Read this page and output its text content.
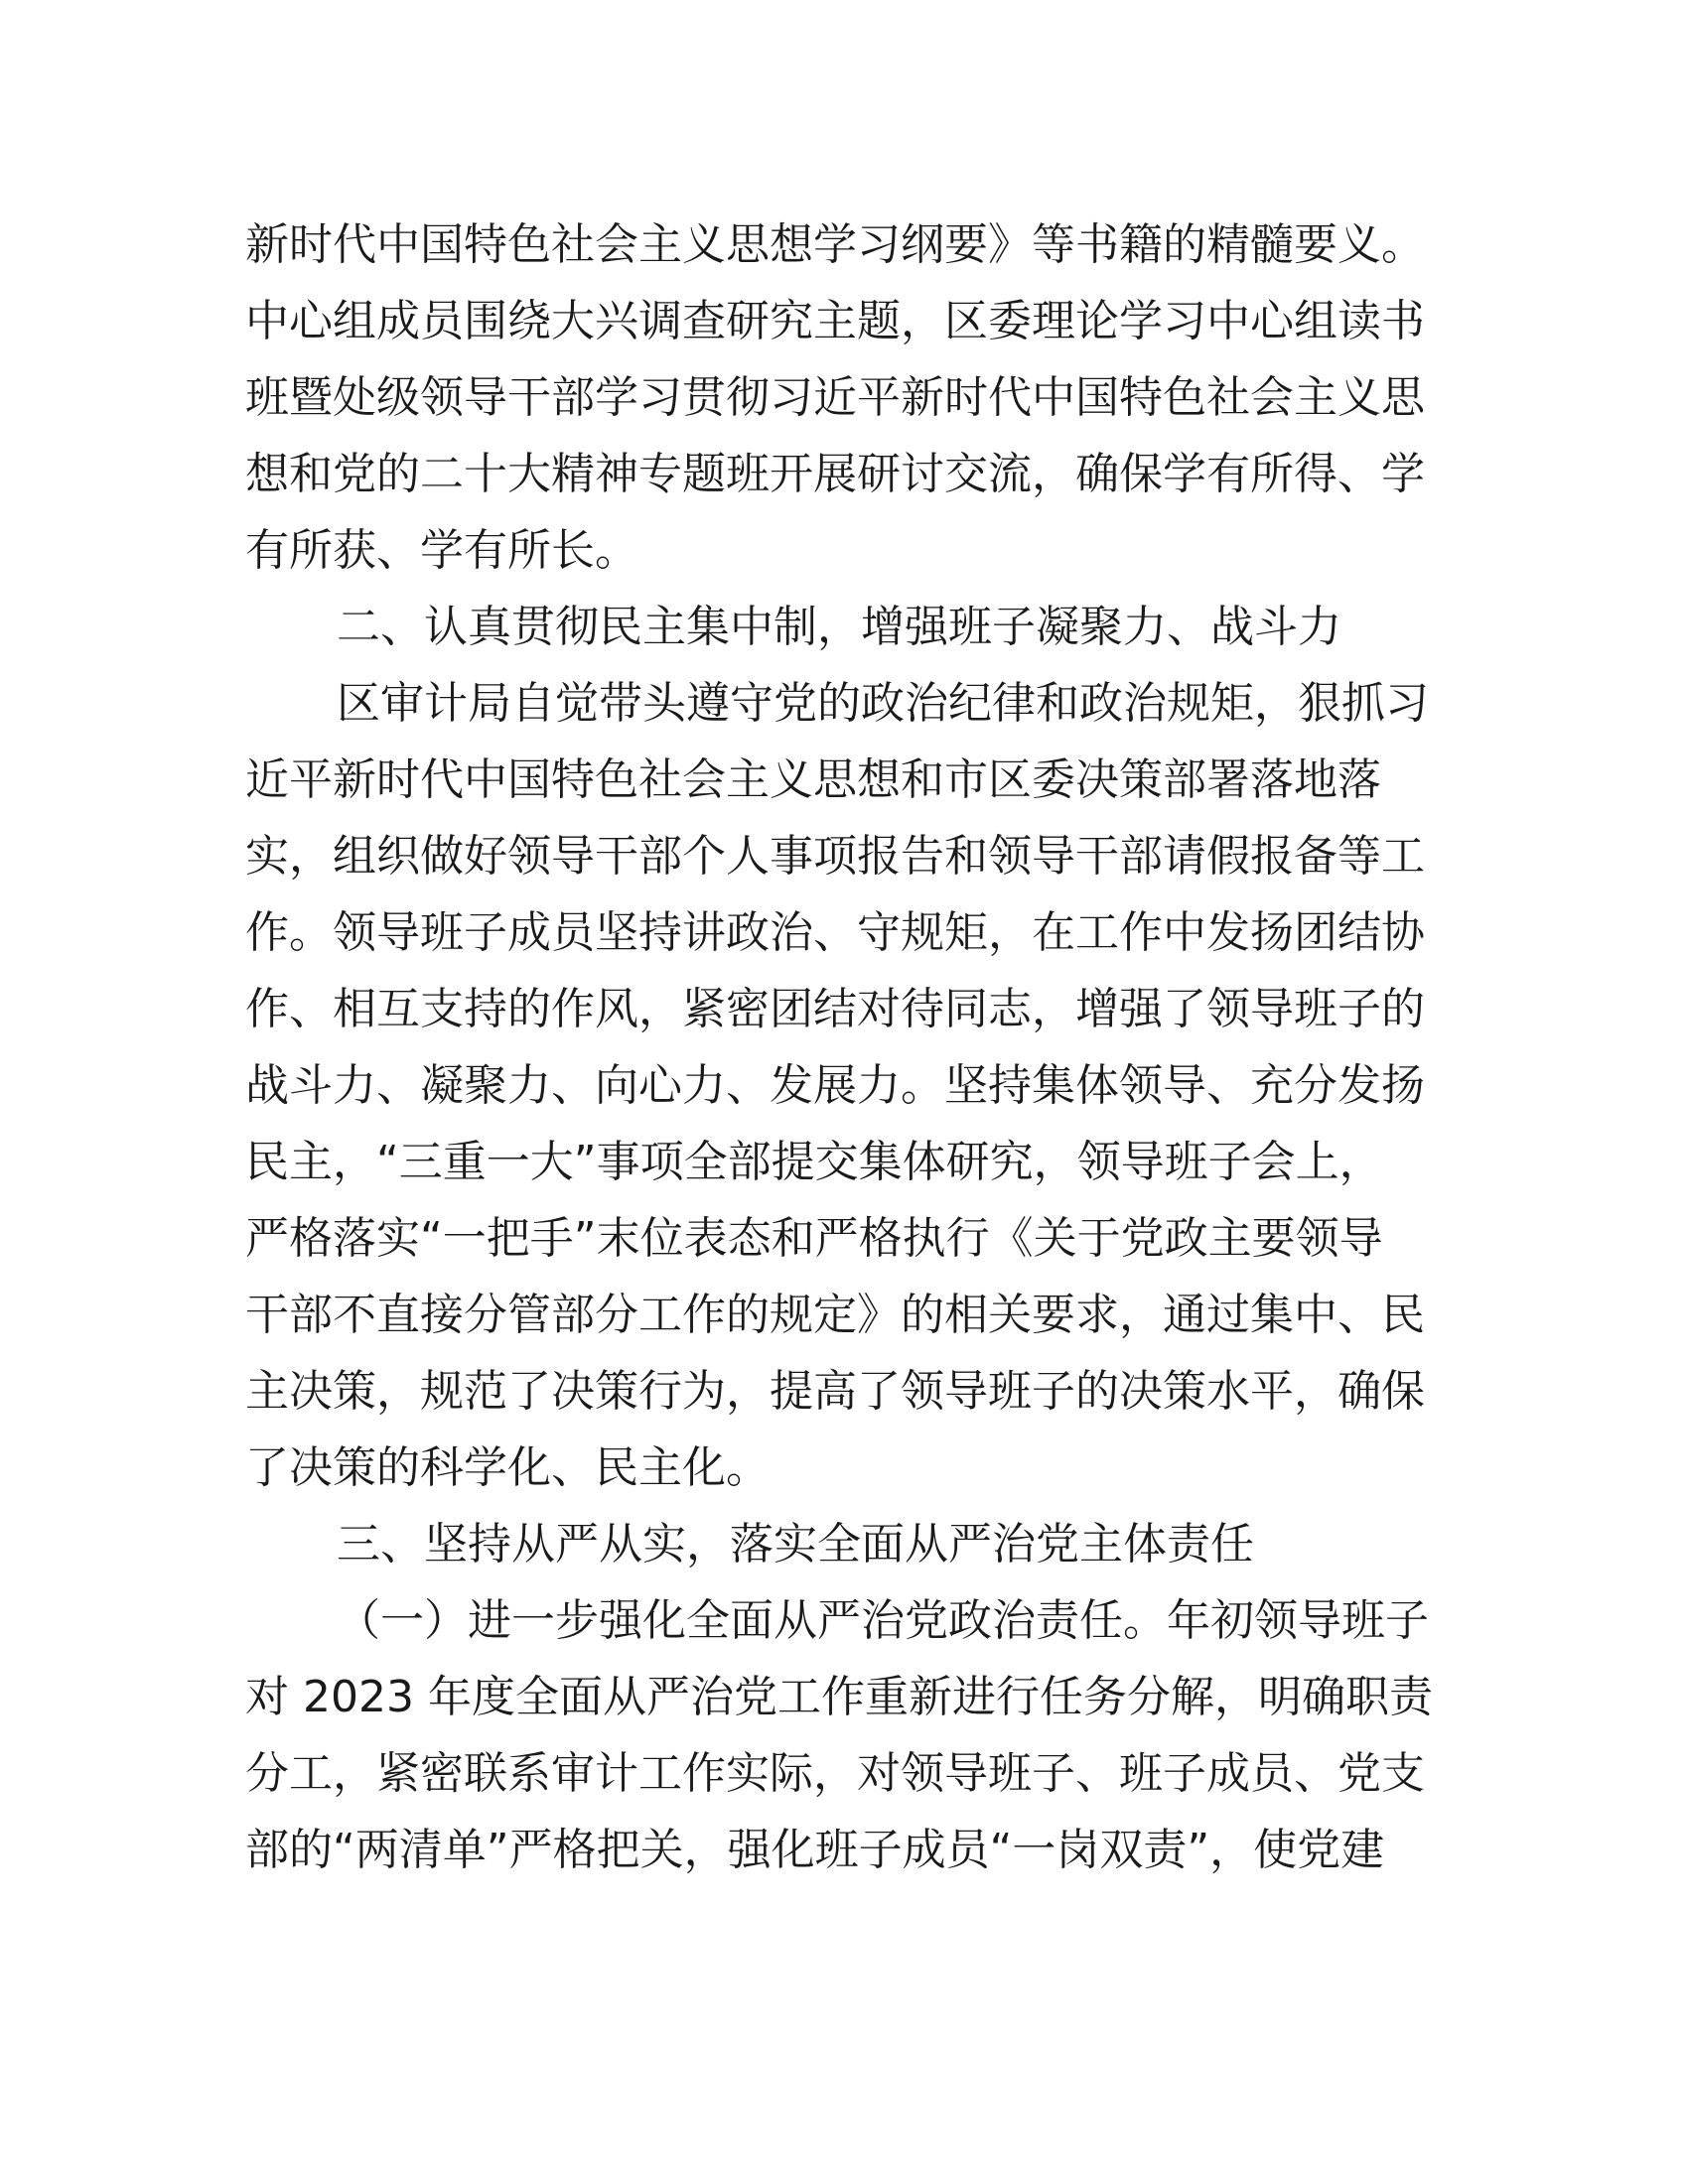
新时代中国特色社会主义思想学习纲要》等书籍的精髓要义。
中心组成员围绕大兴调查研究主题，区委理论学习中心组读书
班暨处级领导干部学习贯彻习近平新时代中国特色社会主义思
想和党的二十大精神专题班开展研讨交流，确保学有所得、学
有所获、学有所长。
二、认真贯彻民主集中制，增强班子凝聚力、战斗力
区审计局自觉带头遵守党的政治纪律和政治规矩，狠抓习
近平新时代中国特色社会主义思想和市区委决策部署落地落
实，组织做好领导干部个人事项报告和领导干部请假报备等工
作。领导班子成员坚持讲政治、守规矩，在工作中发扬团结协
作、相互支持的作风，紧密团结对待同志，增强了领导班子的
战斗力、凝聚力、向心力、发展力。坚持集体领导、充分发扬
民主，“三重一大”事项全部提交集体研究，领导班子会上，
严格落实“一把手”末位表态和严格执行《关于党政主要领导
干部不直接分管部分工作的规定》的相关要求，通过集中、民
主决策，规范了决策行为，提高了领导班子的决策水平，确保
了决策的科学化、民主化。
三、坚持从严从实，落实全面从严治党主体责任
（一）进一步强化全面从严治党政治责任。年初领导班子
对 2023 年度全面从严治党工作重新进行任务分解，明确职责
分工，紧密联系审计工作实际，对领导班子、班子成员、党支
部的“两清单”严格把关，强化班子成员“一岗双责”，使党建
